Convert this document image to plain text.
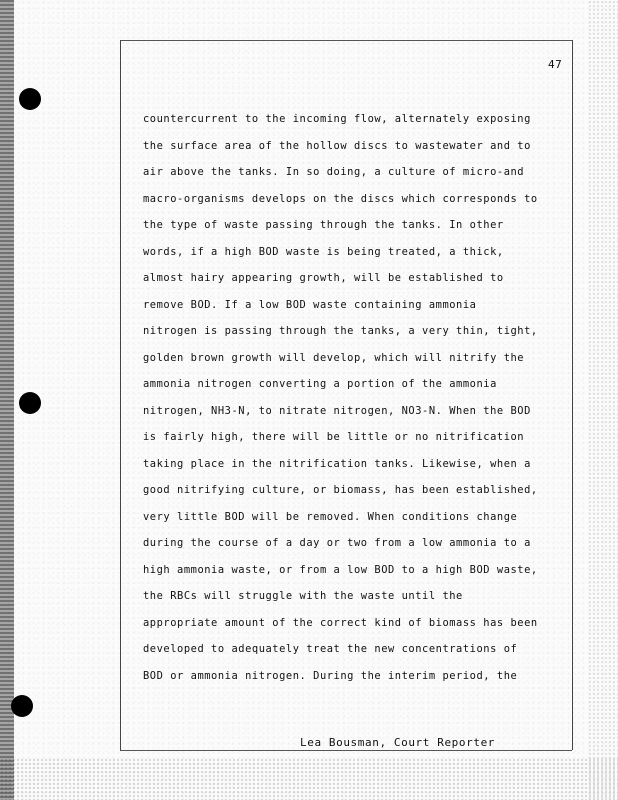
47
countercurrent to the incoming flow, alternately exposing
the surface area of the hollow discs to wastewater and to
air above the tanks. In so doing, a culture of micro-and
macro-organisms develops on the discs which corresponds to
the type of waste passing through the tanks. In other
words, if a high BOD waste is being treated, a thick,
almost hairy appearing growth, will be established to
remove BOD. If a low BOD waste containing ammonia
nitrogen is passing through the tanks, a very thin, tight,
golden brown growth will develop, which will nitrify the
ammonia nitrogen converting a portion of the ammonia
nitrogen, NH3-N, to nitrate nitrogen, NO3-N. When the BOD
is fairly high, there will be little or no nitrification
taking place in the nitrification tanks. Likewise, when a
good nitrifying culture, or biomass, has been established,
very little BOD will be removed. When conditions change
during the course of a day or two from a low ammonia to a
high ammonia waste, or from a low BOD to a high BOD waste,
the RBCs will struggle with the waste until the
appropriate amount of the correct kind of biomass has been
developed to adequately treat the new concentrations of
BOD or ammonia nitrogen. During the interim period, the
Lea Bousman, Court Reporter
